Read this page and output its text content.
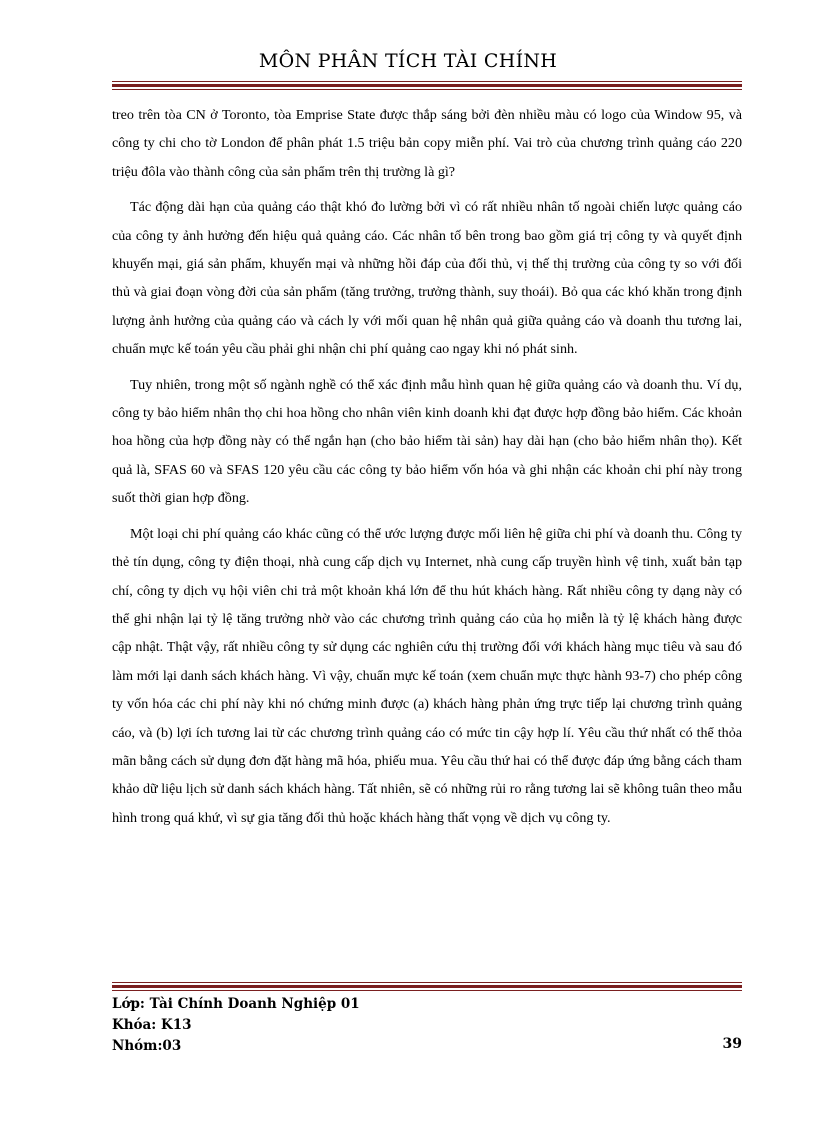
MÔN PHÂN TÍCH TÀI CHÍNH

treo trên tòa CN ở Toronto, tòa Emprise State được thắp sáng bởi đèn nhiều màu có logo của Window 95, và công ty chi cho tờ London để phân phát 1.5 triệu bản copy miễn phí. Vai trò của chương trình quảng cáo 220 triệu đôla vào thành công của sản phẩm trên thị trường là gì?

Tác động dài hạn của quảng cáo thật khó đo lường bởi vì có rất nhiều nhân tố ngoài chiến lược quảng cáo của công ty ảnh hưởng đến hiệu quả quảng cáo. Các nhân tố bên trong bao gồm giá trị công ty và quyết định khuyến mại, giá sản phẩm, khuyến mại và những hồi đáp của đối thủ, vị thế thị trường của công ty so với đối thủ và giai đoạn vòng đời của sản phẩm (tăng trưởng, trưởng thành, suy thoái). Bỏ qua các khó khăn trong định lượng ảnh hưởng của quảng cáo và cách ly với mối quan hệ nhân quả giữa quảng cáo và doanh thu tương lai, chuẩn mực kế toán yêu cầu phải ghi nhận chi phí quảng cao ngay khi nó phát sinh.

Tuy nhiên, trong một số ngành nghề có thể xác định mẫu hình quan hệ giữa quảng cáo và doanh thu. Ví dụ, công ty bảo hiểm nhân thọ chi hoa hồng cho nhân viên kinh doanh khi đạt được hợp đồng bảo hiểm. Các khoản hoa hồng của hợp đồng này có thể ngắn hạn (cho bảo hiểm tài sản) hay dài hạn (cho bảo hiểm nhân thọ). Kết quả là, SFAS 60 và SFAS 120 yêu cầu các công ty bảo hiểm vốn hóa và ghi nhận các khoản chi phí này trong suốt thời gian hợp đồng.

Một loại chi phí quảng cáo khác cũng có thể ước lượng được mối liên hệ giữa chi phí và doanh thu. Công ty thẻ tín dụng, công ty điện thoại, nhà cung cấp dịch vụ Internet, nhà cung cấp truyền hình vệ tinh, xuất bản tạp chí, công ty dịch vụ hội viên chi trả một khoản khá lớn để thu hút khách hàng. Rất nhiều công ty dạng này có thể ghi nhận lại tỷ lệ tăng trưởng nhờ vào các chương trình quảng cáo của họ miễn là tỷ lệ khách hàng được cập nhật. Thật vậy, rất nhiều công ty sử dụng các nghiên cứu thị trường đối với khách hàng mục tiêu và sau đó làm mới lại danh sách khách hàng. Vì vậy, chuẩn mực kế toán (xem chuẩn mực thực hành 93-7) cho phép công ty vốn hóa các chi phí này khi nó chứng minh được (a) khách hàng phản ứng trực tiếp lại chương trình quảng cáo, và (b) lợi ích tương lai từ các chương trình quảng cáo có mức tin cậy hợp lí. Yêu cầu thứ nhất có thể thỏa mãn bằng cách sử dụng đơn đặt hàng mã hóa, phiếu mua. Yêu cầu thứ hai có thể được đáp ứng bằng cách tham khảo dữ liệu lịch sử danh sách khách hàng. Tất nhiên, sẽ có những rủi ro rằng tương lai sẽ không tuân theo mẫu hình trong quá khứ, vì sự gia tăng đối thủ hoặc khách hàng thất vọng về dịch vụ công ty.

Lớp: Tài Chính Doanh Nghiệp 01
Khóa: K13
Nhóm:03	39
